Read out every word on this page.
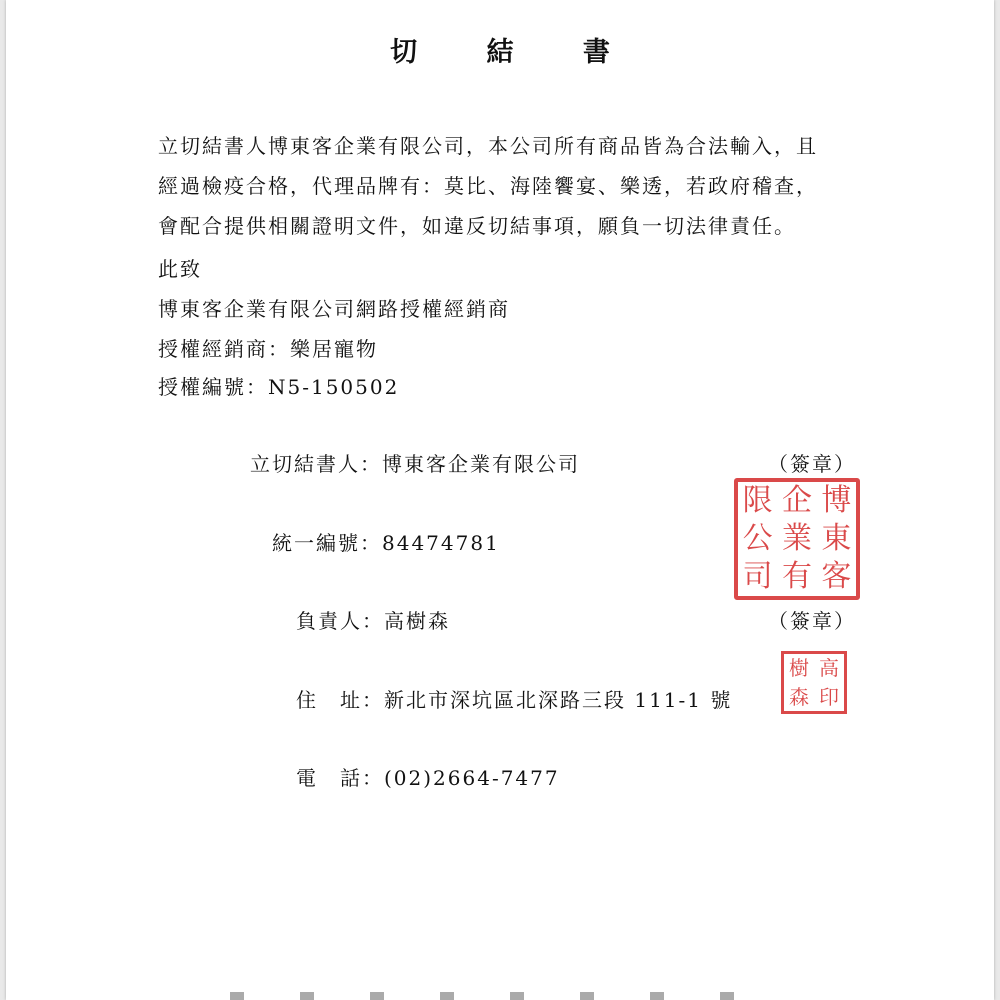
切 結 書
立切結書人博東客企業有限公司，本公司所有商品皆為合法輸入，且
經過檢疫合格，代理品牌有：莫比、海陸饗宴、樂透，若政府稽查，
會配合提供相關證明文件，如違反切結事項，願負一切法律責任。
此致
博東客企業有限公司網路授權經銷商
授權經銷商：樂居寵物
授權編號：N5-150502
立切結書人：博東客企業有限公司	（簽章）
統一編號：84474781
負責人：高樹森	（簽章）
住　址：新北市深坑區北深路三段 111-1 號
電　話：(02)2664-7477
限 企 博
公 業 東
司 有 客
樹 高
森 印
